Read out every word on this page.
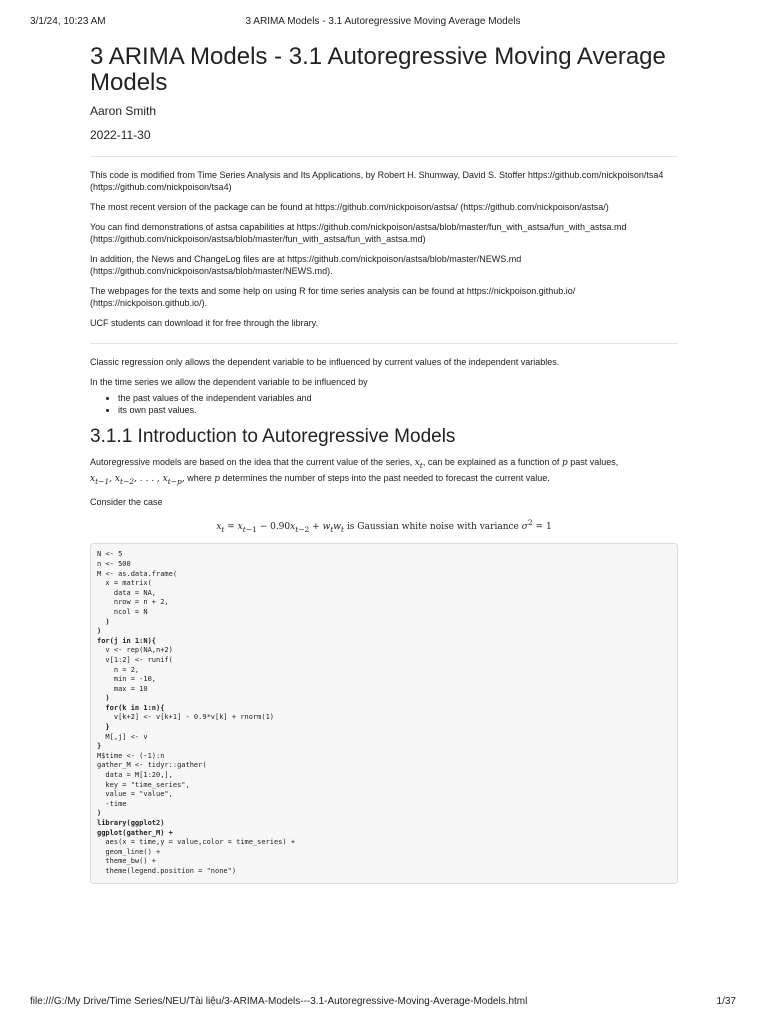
3/1/24, 10:23 AM	3 ARIMA Models - 3.1 Autoregressive Moving Average Models
3 ARIMA Models - 3.1 Autoregressive Moving Average Models
Aaron Smith
2022-11-30

This code is modified from Time Series Analysis and Its Applications, by Robert H. Shumway, David S. Stoffer https://github.com/nickpoison/tsa4 (https://github.com/nickpoison/tsa4)

The most recent version of the package can be found at https://github.com/nickpoison/astsa/ (https://github.com/nickpoison/astsa/)

You can find demonstrations of astsa capabilities at https://github.com/nickpoison/astsa/blob/master/fun_with_astsa/fun_with_astsa.md (https://github.com/nickpoison/astsa/blob/master/fun_with_astsa/fun_with_astsa.md)

In addition, the News and ChangeLog files are at https://github.com/nickpoison/astsa/blob/master/NEWS.md (https://github.com/nickpoison/astsa/blob/master/NEWS.md).

The webpages for the texts and some help on using R for time series analysis can be found at https://nickpoison.github.io/ (https://nickpoison.github.io/).

UCF students can download it for free through the library.

Classic regression only allows the dependent variable to be influenced by current values of the independent variables.

In the time series we allow the dependent variable to be influenced by

• the past values of the independent variables and
• its own past values.
3.1.1 Introduction to Autoregressive Models

Autoregressive models are based on the idea that the current value of the series, $x_t$, can be explained as a function of p past values,
$x_{t-1}$, $x_{t-2}$, . . . , $x_{t-p}$, where p determines the number of steps into the past needed to forecast the current value.

Consider the case

$x_t = x_{t-1} - 0.90x_{t-2} + w_tw_t$ is Gaussian white noise with variance $\sigma^2 = 1$
N <- 5
n <- 500
M <- as.data.frame(
x = matrix(
data = NA,
nrow = n + 2,
ncol = N
)
)
for(j in 1:N){
v <- rep(NA,n+2)
v[1:2] <- runif(
n = 2,
min = -10,
max = 10
)
for(k in 1:n){
v[k+2] <- v[k+1] - 0.9*v[k] + rnorm(1)
}
M[,j] <- v
}
M$time <- (-1):n
gather_M <- tidyr::gather(
data = M[1:20,],
key = "time_series",
value = "value",
-time
)
library(ggplot2)
ggplot(gather_M) +
aes(x = time,y = value,color = time_series) +
geom_line() +
theme_bw() +
theme(legend.position = "none")
file:///G:/My Drive/Time Series/NEU/Tài liệu/3-ARIMA-Models---3.1-Autoregressive-Moving-Average-Models.html	1/37
